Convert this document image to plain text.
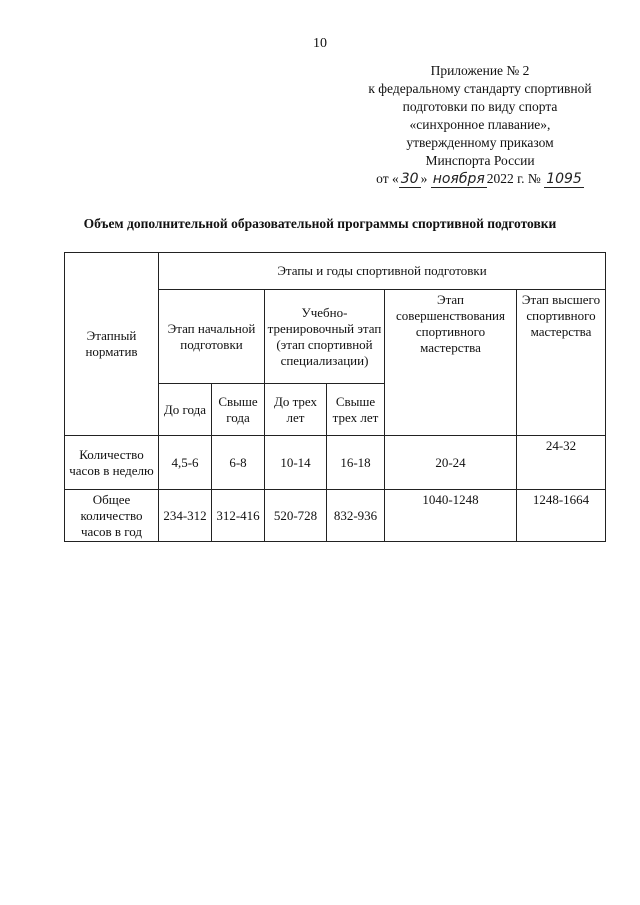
10
Приложение № 2
к федеральному стандарту спортивной
подготовки по виду спорта
«синхронное плавание»,
утвержденному приказом
Минспорта России
от « 30 » ноября 2022 г. № 1095
Объем дополнительной образовательной программы спортивной подготовки
Этапный норматив	Этапы и годы спортивной подготовки					
	Этап начальной подготовки		Учебно-тренировочный этап (этап спортивной специализации)		Этап совершенствования спортивного мастерства	Этап высшего спортивного мастерства
	До года	Свыше года	До трех лет	Свыше трех лет		
Количество часов в неделю	4,5-6	6-8	10-14	16-18	20-24	24-32
Общее количество часов в год	234-312	312-416	520-728	832-936	1040-1248	1248-1664
